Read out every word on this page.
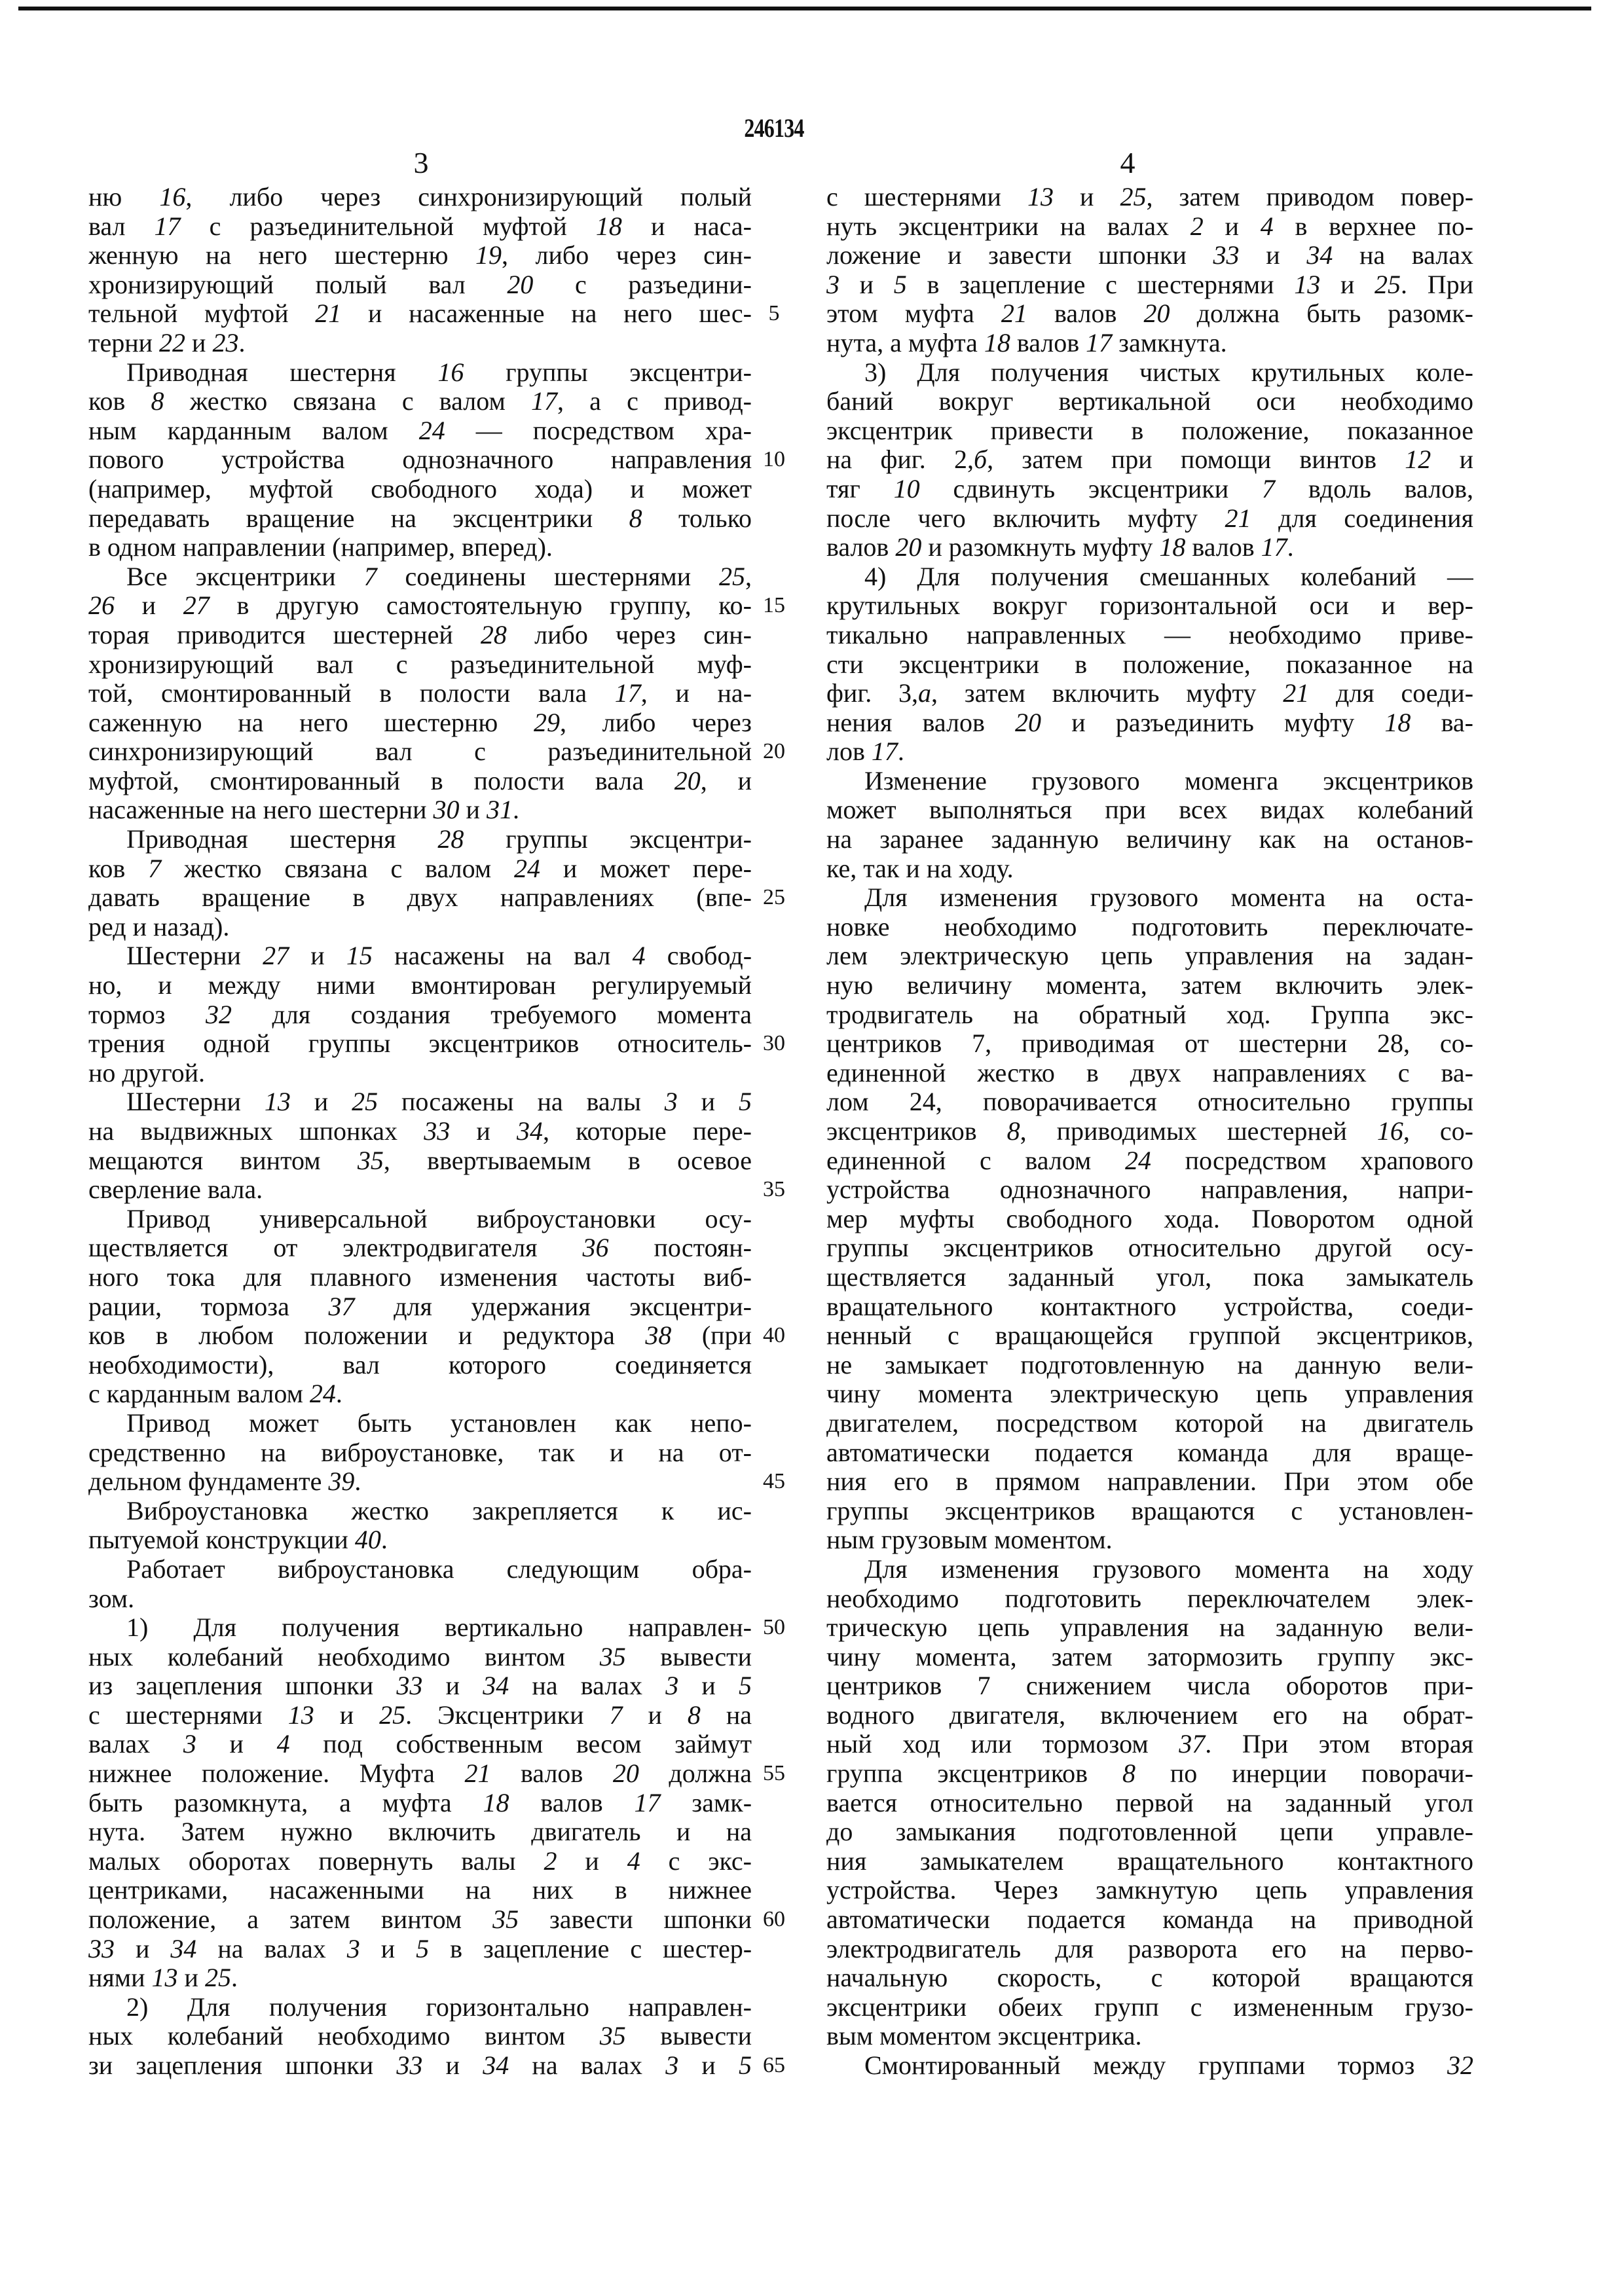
246134
3	4
ню 16, либо через синхронизирующий полый
вал 17 с разъединительной муфтой 18 и наса-
женную на него шестерню 19, либо через син-
хронизирующий полый вал 20 с разъедини-
тельной муфтой 21 и насаженные на него шес-
терни 22 и 23.
Приводная шестерня 16 группы эксцентри-
ков 8 жестко связана с валом 17, а с привод-
ным карданным валом 24 — посредством хра-
пового устройства однозначного направления
(например, муфтой свободного хода) и может
передавать вращение на эксцентрики 8 только
в одном направлении (например, вперед).
Все эксцентрики 7 соединены шестернями 25,
26 и 27 в другую самостоятельную группу, ко-
торая приводится шестерней 28 либо через син-
хронизирующий вал с разъединительной муф-
той, смонтированный в полости вала 17, и на-
саженную на него шестерню 29, либо через
синхронизирующий вал с разъединительной
муфтой, смонтированный в полости вала 20, и
насаженные на него шестерни 30 и 31.
Приводная шестерня 28 группы эксцентри-
ков 7 жестко связана с валом 24 и может пере-
давать вращение в двух направлениях (впе-
ред и назад).
Шестерни 27 и 15 насажены на вал 4 свобод-
но, и между ними вмонтирован регулируемый
тормоз 32 для создания требуемого момента
трения одной группы эксцентриков относитель-
но другой.
Шестерни 13 и 25 посажены на валы 3 и 5
на выдвижных шпонках 33 и 34, которые пере-
мещаются винтом 35, ввертываемым в осевое
сверление вала.
Привод универсальной виброустановки осу-
ществляется от электродвигателя 36 постоян-
ного тока для плавного изменения частоты виб-
рации, тормоза 37 для удержания эксцентри-
ков в любом положении и редуктора 38 (при
необходимости), вал которого соединяется
с карданным валом 24.
Привод может быть установлен как непо-
средственно на виброустановке, так и на от-
дельном фундаменте 39.
Виброустановка жестко закрепляется к ис-
пытуемой конструкции 40.
Работает виброустановка следующим обра-
зом.
1) Для получения вертикально направлен-
ных колебаний необходимо винтом 35 вывести
из зацепления шпонки 33 и 34 на валах 3 и 5
с шестернями 13 и 25. Эксцентрики 7 и 8 на
валах 3 и 4 под собственным весом займут
нижнее положение. Муфта 21 валов 20 должна
быть разомкнута, а муфта 18 валов 17 замк-
нута. Затем нужно включить двигатель и на
малых оборотах повернуть валы 2 и 4 с экс-
центриками, насаженными на них в нижнее
положение, а затем винтом 35 завести шпонки
33 и 34 на валах 3 и 5 в зацепление с шестер-
нями 13 и 25.
2) Для получения горизонтально направлен-
ных колебаний необходимо винтом 35 вывести
зи зацепления шпонки 33 и 34 на валах 3 и 5
5
10
15
20
25
30
35
40
45
50
55
60
65
с шестернями 13 и 25, затем приводом повер-
нуть эксцентрики на валах 2 и 4 в верхнее по-
ложение и завести шпонки 33 и 34 на валах
3 и 5 в зацепление с шестернями 13 и 25. При
этом муфта 21 валов 20 должна быть разомк-
нута, а муфта 18 валов 17 замкнута.
3) Для получения чистых крутильных коле-
баний вокруг вертикальной оси необходимо
эксцентрик привести в положение, показанное
на фиг. 2,б, затем при помощи винтов 12 и
тяг 10 сдвинуть эксцентрики 7 вдоль валов,
после чего включить муфту 21 для соединения
валов 20 и разомкнуть муфту 18 валов 17.
4) Для получения смешанных колебаний —
крутильных вокруг горизонтальной оси и вер-
тикально направленных — необходимо приве-
сти эксцентрики в положение, показанное на
фиг. 3,а, затем включить муфту 21 для соеди-
нения валов 20 и разъединить муфту 18 ва-
лов 17.
Изменение грузового моменга эксцентриков
может выполняться при всех видах колебаний
на заранее заданную величину как на останов-
ке, так и на ходу.
Для изменения грузового момента на оста-
новке необходимо подготовить переключате-
лем электрическую цепь управления на задан-
ную величину момента, затем включить элек-
тродвигатель на обратный ход. Группа экс-
центриков 7, приводимая от шестерни 28, со-
единенной жестко в двух направлениях с ва-
лом 24, поворачивается относительно группы
эксцентриков 8, приводимых шестерней 16, со-
единенной с валом 24 посредством храпового
устройства однозначного направления, напри-
мер муфты свободного хода. Поворотом одной
группы эксцентриков относительно другой осу-
ществляется заданный угол, пока замыкатель
вращательного контактного устройства, соеди-
ненный с вращающейся группой эксцентриков,
не замыкает подготовленную на данную вели-
чину момента электрическую цепь управления
двигателем, посредством которой на двигатель
автоматически подается команда для враще-
ния его в прямом направлении. При этом обе
группы эксцентриков вращаются с установлен-
ным грузовым моментом.
Для изменения грузового момента на ходу
необходимо подготовить переключателем элек-
трическую цепь управления на заданную вели-
чину момента, затем затормозить группу экс-
центриков 7 снижением числа оборотов при-
водного двигателя, включением его на обрат-
ный ход или тормозом 37. При этом вторая
группа эксцентриков 8 по инерции поворачи-
вается относительно первой на заданный угол
до замыкания подготовленной цепи управле-
ния замыкателем вращательного контактного
устройства. Через замкнутую цепь управления
автоматически подается команда на приводной
электродвигатель для разворота его на перво-
начальную скорость, с которой вращаются
эксцентрики обеих групп с измененным грузо-
вым моментом эксцентрика.
Смонтированный между группами тормоз 32
